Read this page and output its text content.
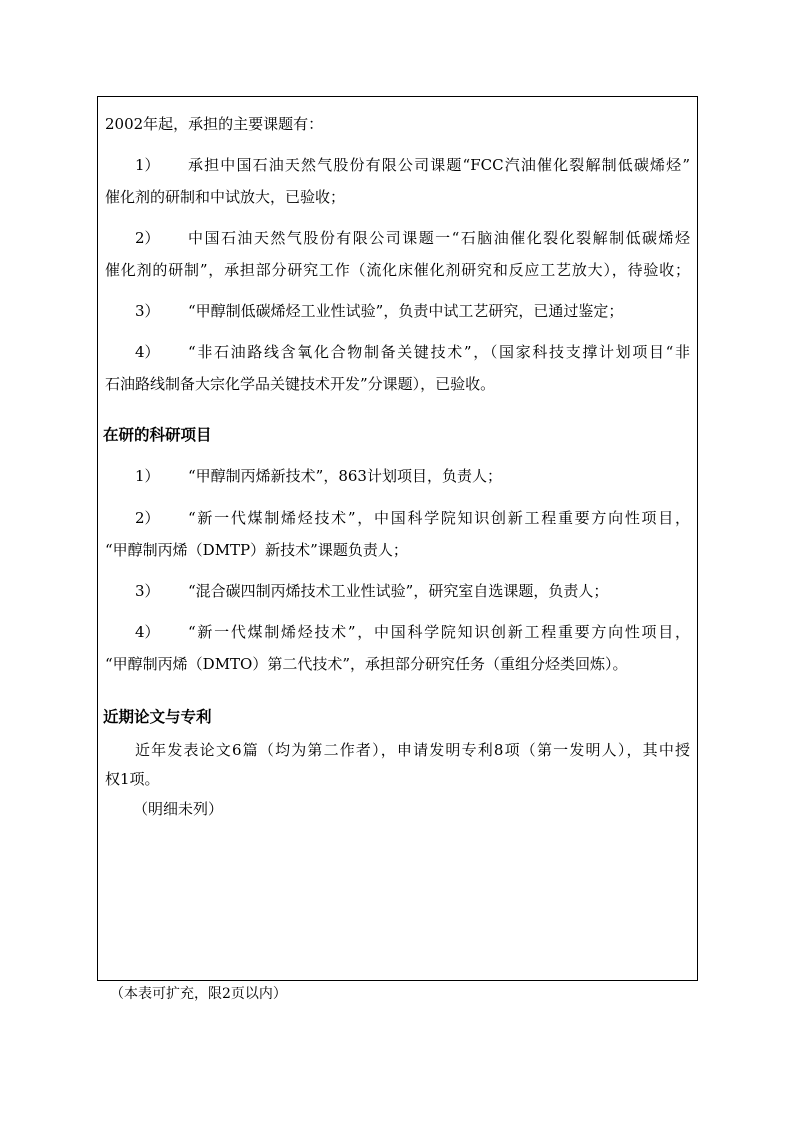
2002年起，承担的主要课题有：
1） 承担中国石油天然气股份有限公司课题“FCC汽油催化裂解制低碳烯烃”
催化剂的研制和中试放大，已验收；
2） 中国石油天然气股份有限公司课题一“石脑油催化裂化裂解制低碳烯烃
催化剂的研制”，承担部分研究工作（流化床催化剂研究和反应工艺放大），待验收；
3） “甲醇制低碳烯烃工业性试验”，负责中试工艺研究，已通过鉴定；
4） “非石油路线含氧化合物制备关键技术”，（国家科技支撑计划项目“非
石油路线制备大宗化学品关键技术开发”分课题），已验收。
在研的科研项目
1） “甲醇制丙烯新技术”，863计划项目，负责人；
2） “新一代煤制烯烃技术”，中国科学院知识创新工程重要方向性项目，
“甲醇制丙烯（DMTP）新技术”课题负责人；
3） “混合碳四制丙烯技术工业性试验”，研究室自选课题，负责人；
4） “新一代煤制烯烃技术”，中国科学院知识创新工程重要方向性项目，
“甲醇制丙烯（DMTO）第二代技术”，承担部分研究任务（重组分烃类回炼）。
近期论文与专利
近年发表论文6篇（均为第二作者），申请发明专利8项（第一发明人），其中授
权1项。
（明细未列）
（本表可扩充，限2页以内）
